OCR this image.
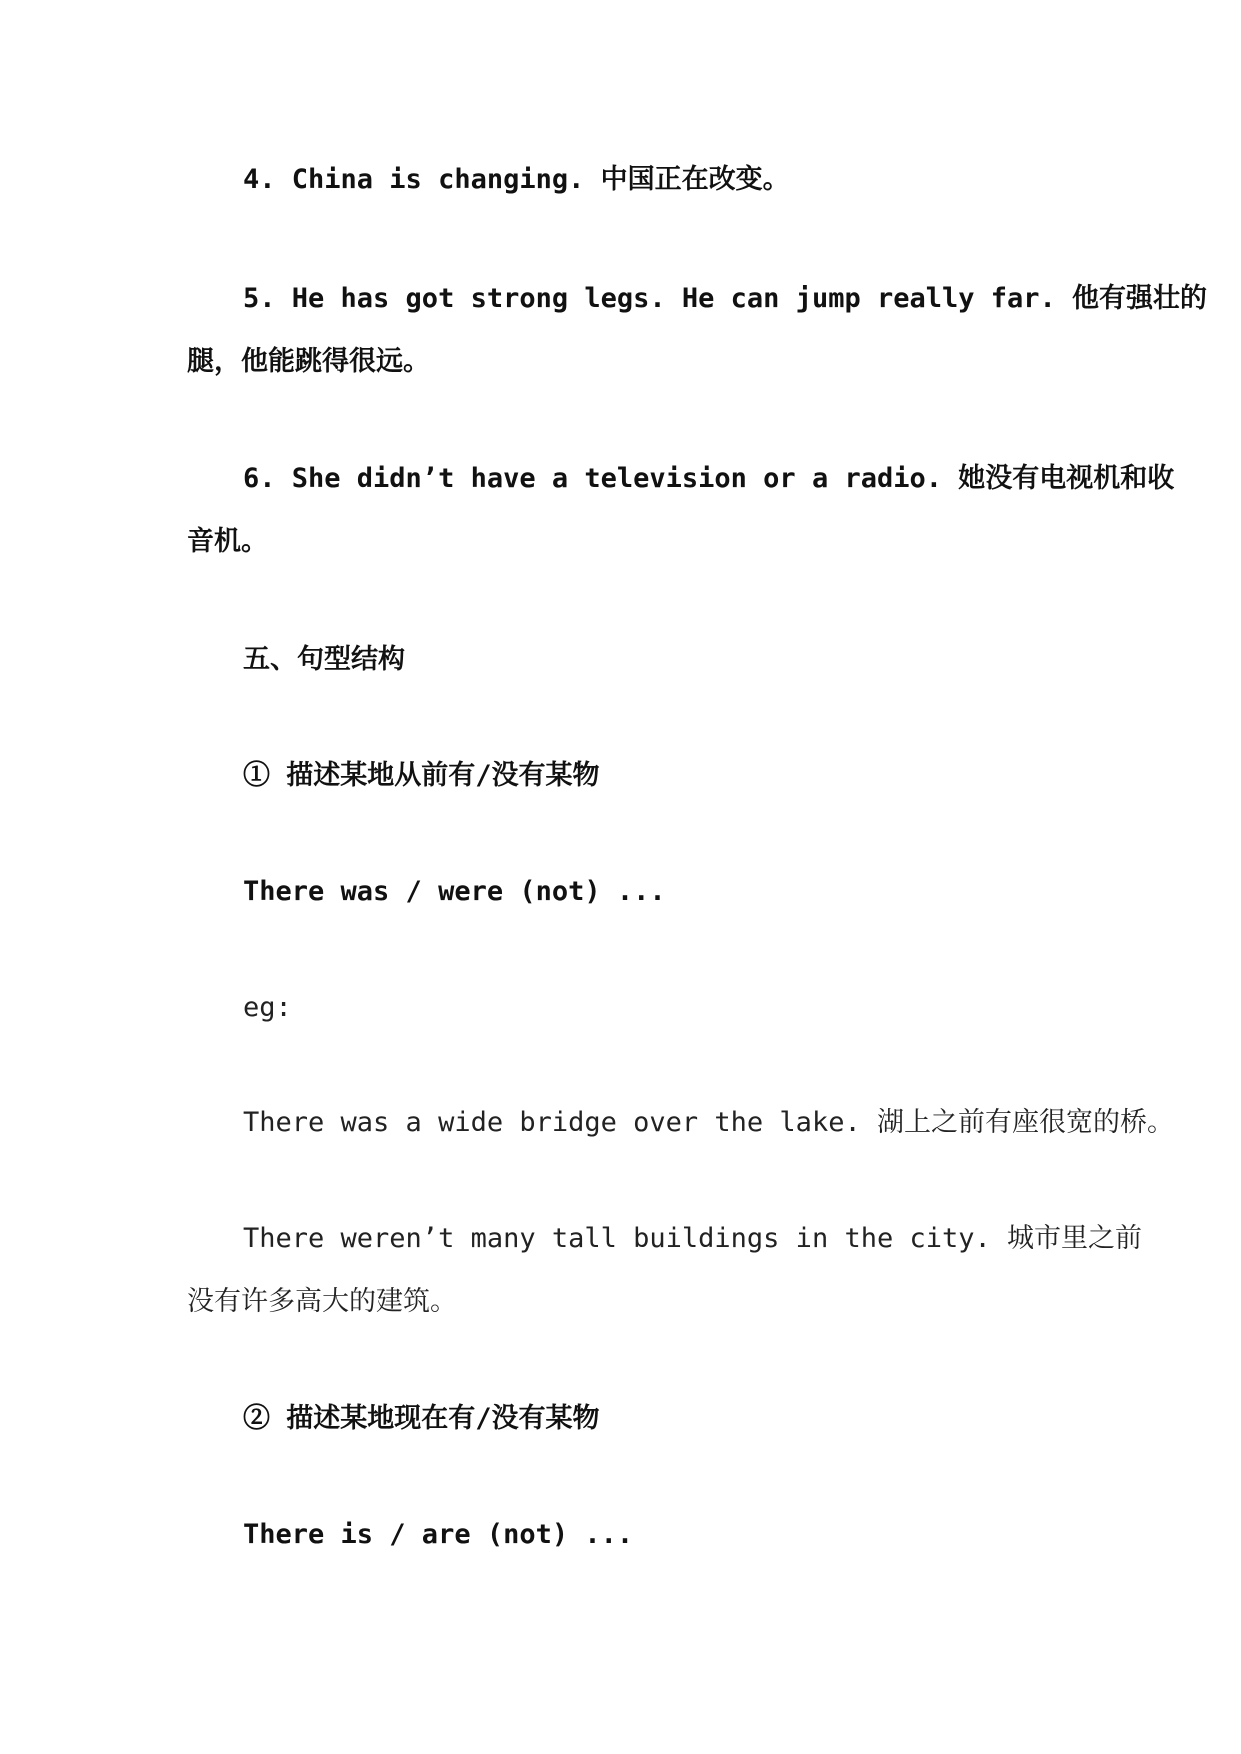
4. China is changing. 中国正在改变。
5. He has got strong legs. He can jump really far. 他有强壮的
腿，他能跳得很远。
6. She didn’t have a television or a radio. 她没有电视机和收
音机。
五、句型结构
① 描述某地从前有/没有某物
There was / were (not) ...
eg:
There was a wide bridge over the lake. 湖上之前有座很宽的桥。
There weren’t many tall buildings in the city. 城市里之前
没有许多高大的建筑。
② 描述某地现在有/没有某物
There is / are (not) ...
